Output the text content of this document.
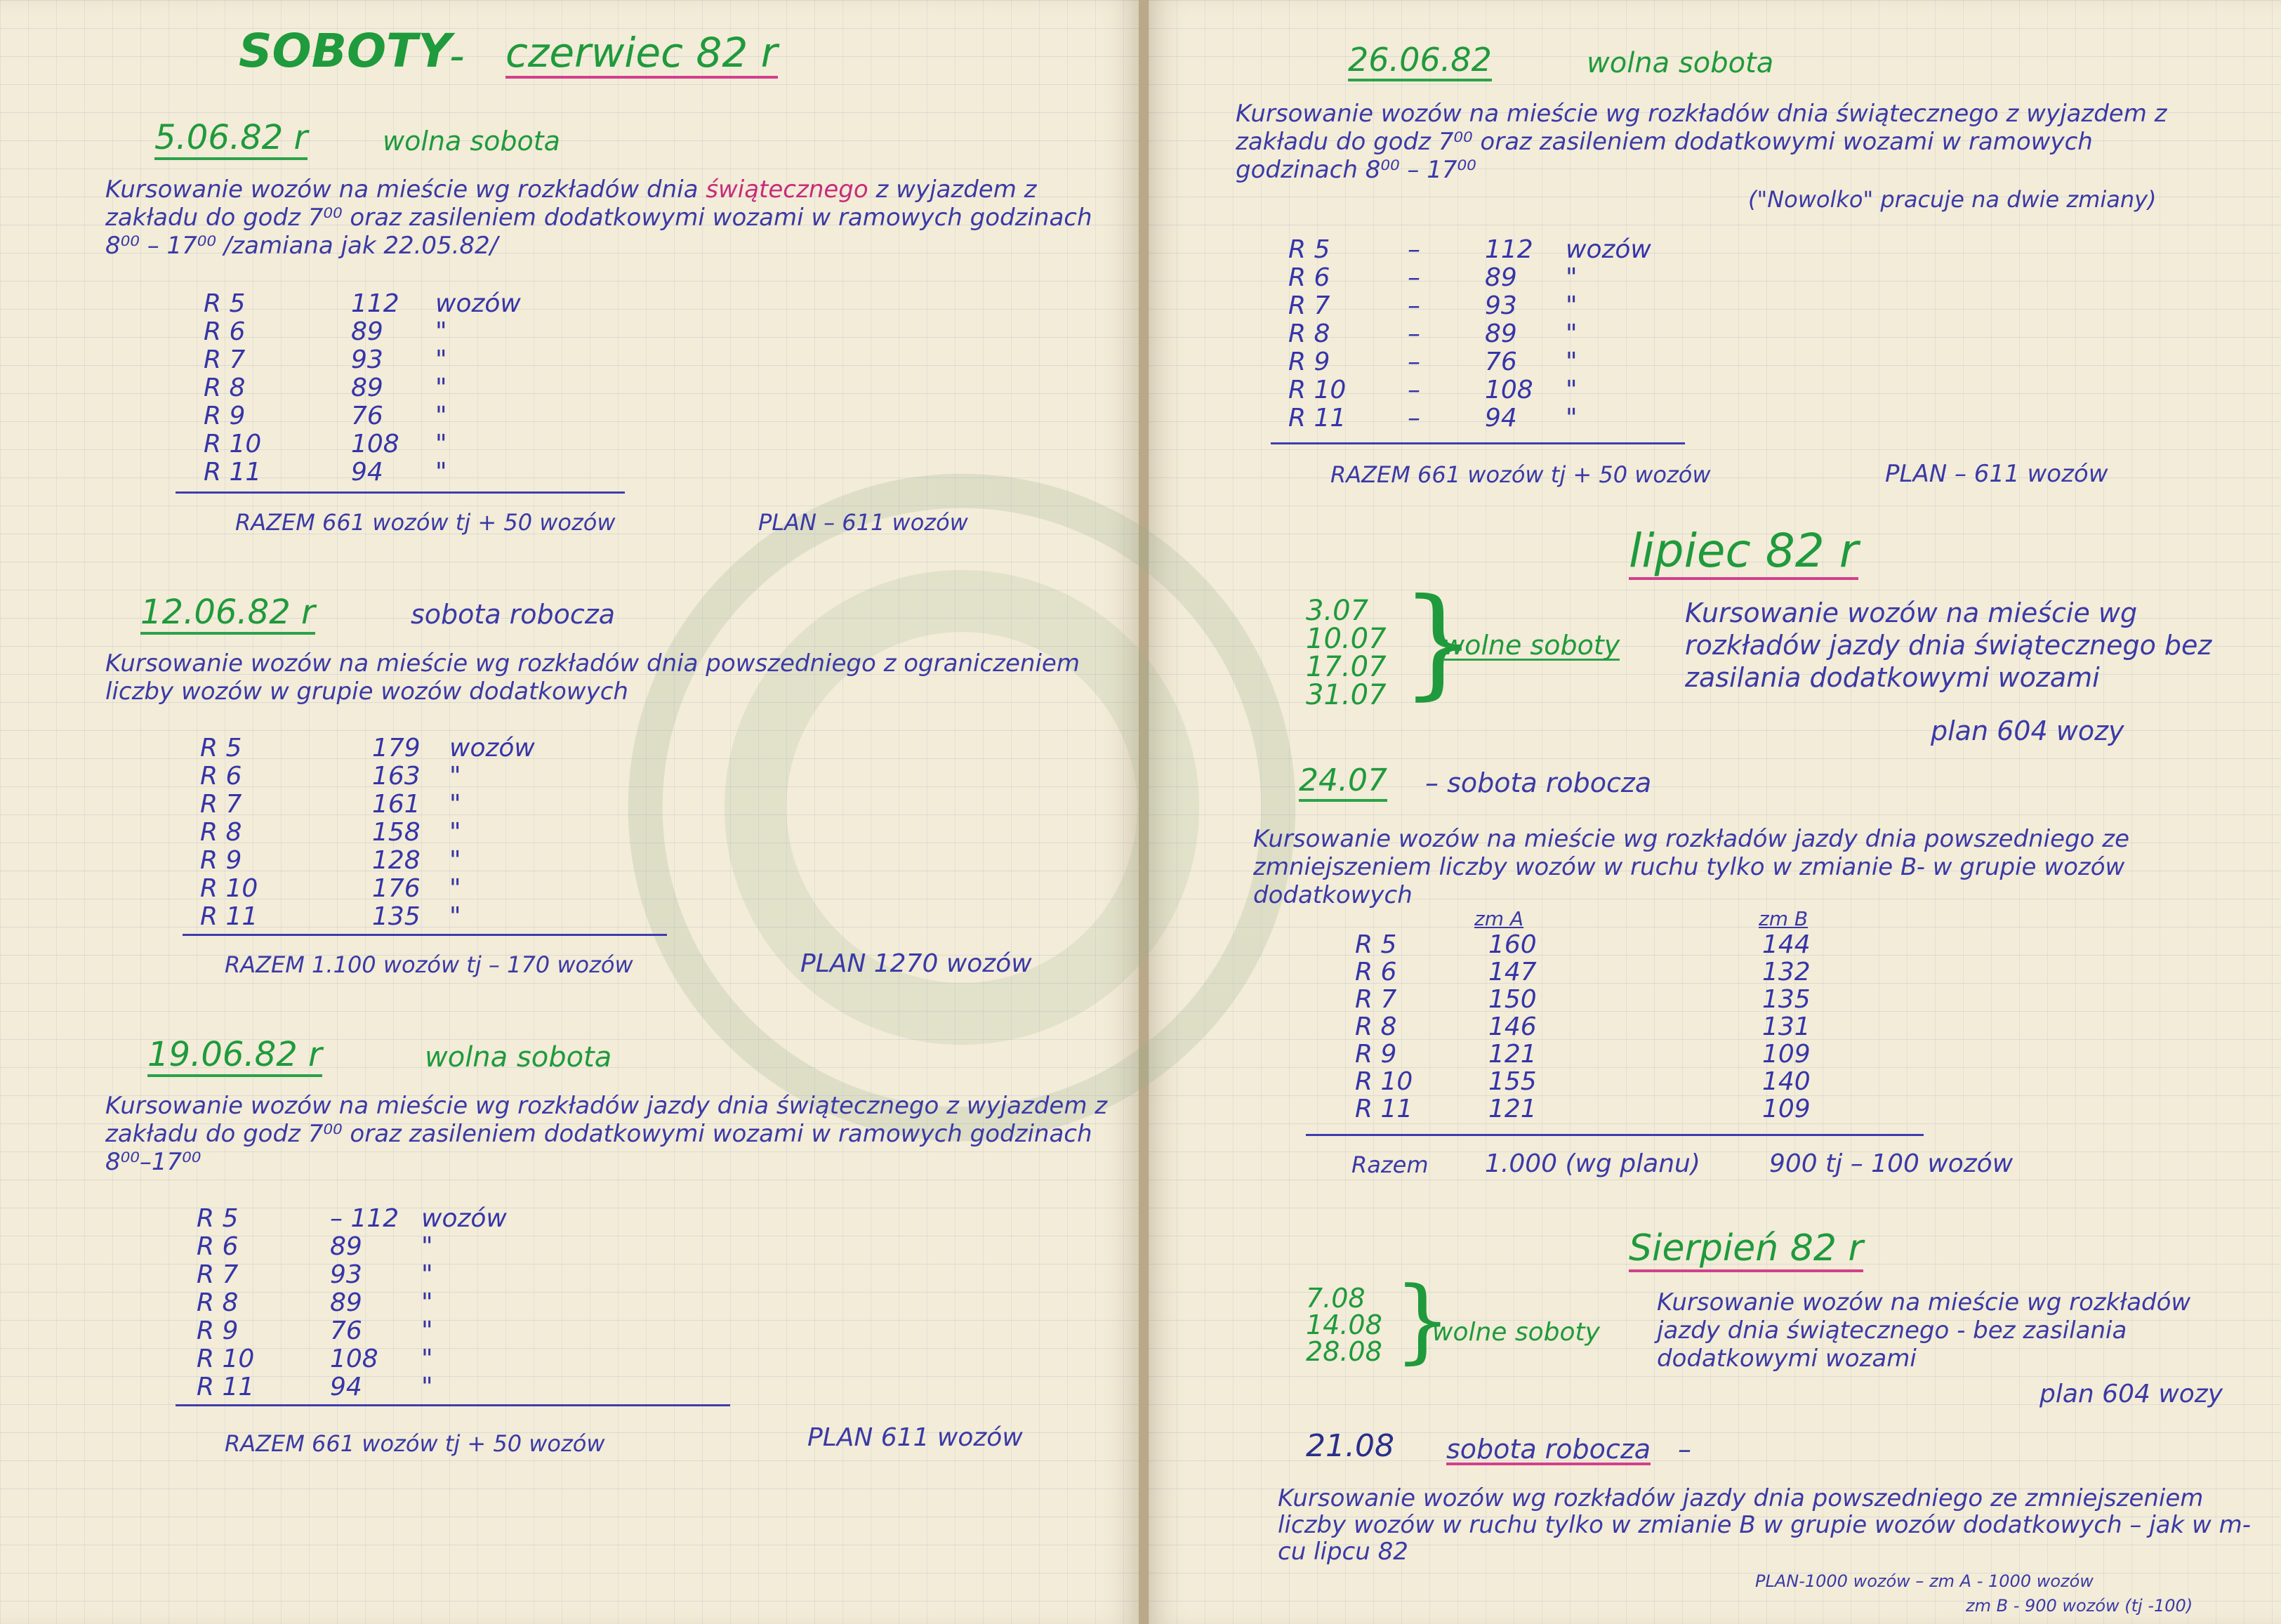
SOBOTY
- czerwiec 82 r
5.06.82 r	wolna sobota
Kursowanie wozów na mieście wg rozkładów dnia świątecznego z wyjazdem z zakładu do godz 7⁰⁰ oraz zasileniem dodatkowymi wozami w ramowych godzinach 8⁰⁰ – 17⁰⁰ /zamiana jak 22.05.82/
R 5	112 wozów
R 6	89 "
R 7	93 "
R 8	89 "
R 9	76 "
R 10	108 "
R 11	94 "
RAZEM 661 wozów tj + 50 wozów	PLAN – 611 wozów
12.06.82 r	sobota robocza
Kursowanie wozów na mieście wg rozkładów dnia powszedniego z ograniczeniem liczby wozów w grupie wozów dodatkowych
R 5	179 wozów
R 6	163 "
R 7	161 "
R 8	158 "
R 9	128 "
R 10	176 "
R 11	135 "
RAZEM 1.100 wozów tj – 170 wozów	PLAN 1270 wozów
19.06.82 r	wolna sobota
Kursowanie wozów na mieście wg rozkładów jazdy dnia świątecznego z wyjazdem z zakładu do godz 7⁰⁰ oraz zasileniem dodatkowymi wozami w ramowych godzinach 8⁰⁰–17⁰⁰
R 5	– 112 wozów
R 6	89 "
R 7	93 "
R 8	89 "
R 9	76 "
R 10	108 "
R 11	94 "
RAZEM 661 wozów tj + 50 wozów	PLAN 611 wozów
26.06.82	wolna sobota
Kursowanie wozów na mieście wg rozkładów dnia świątecznego z wyjazdem z zakładu do godz 7⁰⁰ oraz zasileniem dodatkowymi wozami w ramowych godzinach 8⁰⁰ – 17⁰⁰
("Nowolko" pracuje na dwie zmiany)
R 5	–	112 wozów
R 6	–	89 "
R 7	–	93 "
R 8	–	89 "
R 9	–	76 "
R 10 –	108 "
R 11 –	94 "
RAZEM 661 wozów tj + 50 wozów	PLAN – 611 wozów
lipiec 82 r
3.07
10.07
17.07
31.07 }
wolne soboty
Kursowanie wozów na mieście wg rozkładów jazdy dnia świątecznego bez zasilania dodatkowymi wozami
plan 604 wozy
24.07 – sobota robocza
Kursowanie wozów na mieście wg rozkładów jazdy dnia powszedniego ze zmniejszeniem liczby wozów w ruchu tylko w zmianie B- w grupie wozów dodatkowych
zm A	zm B
R 5	160	144
R 6	147	132
R 7	150	135
R 8	146	131
R 9	121	109
R 10	155	140
R 11	121	109
Razem 1.000 (wg planu)	900 tj – 100 wozów
Sierpień 82 r
7.08
14.08
28.08 }
wolne soboty
Kursowanie wozów na mieście wg rozkładów jazdy dnia świątecznego - bez zasilania dodatkowymi wozami
plan 604 wozy
21.08 sobota robocza –
Kursowanie wozów wg rozkładów jazdy dnia powszedniego ze zmniejszeniem liczby wozów w ruchu tylko w zmianie B w grupie wozów dodatkowych – jak w m-cu lipcu 82
PLAN-1000 wozów – zm A - 1000 wozów
zm B - 900 wozów (tj -100)
